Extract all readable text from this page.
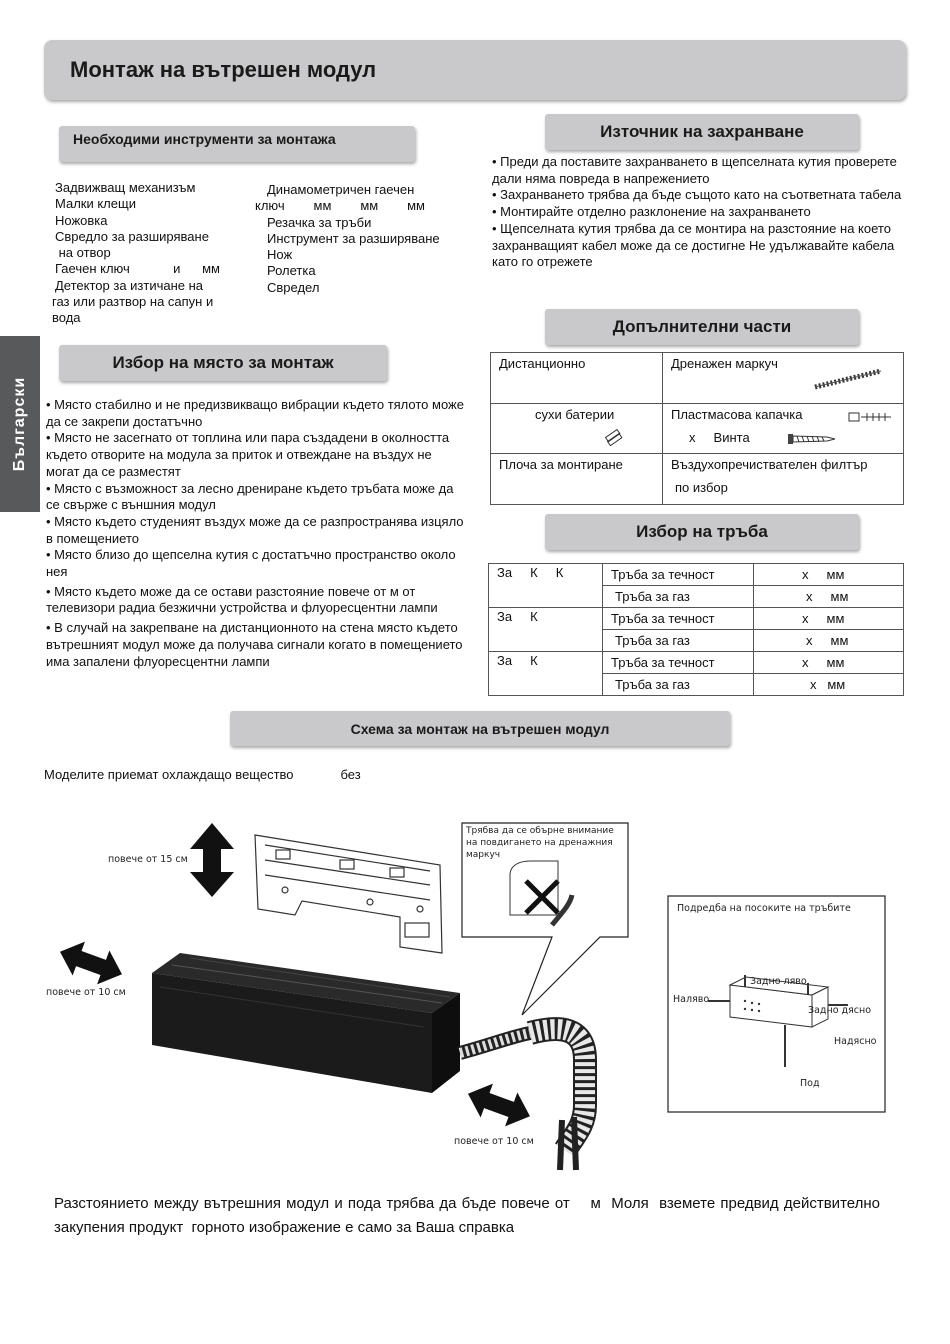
Монтаж на вътрешен модул
Български
Необходими инструменти за монтажа
Задвижващ механизъм
Малки клещи
Ножовка
Свредло за разширяване
на отвор
Гаечен ключ            и      мм
Детектор за изтичане на
газ или разтвор на сапун и
вода
Динамометричен гаечен
ключ        мм        мм        мм
Резачка за тръби
Инструмент за разширяване
Нож
Ролетка
Свредел
Източник на захранване
• Преди да поставите захранването в щепселната кутия проверете дали няма повреда в напрежението
• Захранването трябва да бъде същото като на съответната табела
• Монтирайте отделно разклонение на захранването
• Щепселната кутия трябва да се монтира на разстояние на което захранващият кабел може да се достигне Не удължавайте кабела като го отрежете
Избор на място за монтаж
• Място стабилно и не предизвикващо вибрации където тялото може да се закрепи достатъчно
• Място не засегнато от топлина или пара създадени в околността където отворите на модула за приток и отвеждане на въздух не могат да се разместят
• Място с възможност за лесно дрениране където тръбата може да се свърже с външния модул
• Място където студеният въздух може да се разпространява изцяло в помещението
• Място близо до щепселна кутия с достатъчно пространство около нея
• Място където може да се остави разстояние повече от м от телевизори радиа безжични устройства и флуоресцентни лампи
• В случай на закрепване на дистанционното на стена място където вътрешният модул може да получава сигнали когато в помещението има запалени флуоресцентни лампи
Допълнителни части
Дистанционно	Дренажен маркуч

сухи батерии	Пластмасова капачка
х     Винта

Плоча за монтиране	Въздухопречиствателен филтър
по избор
Избор на тръба
За     К     К	Тръба за течност	х     мм
	Тръба за газ	х     мм
За     К	Тръба за течност	х     мм
	Тръба за газ	х     мм
За     К	Тръба за течност	х     мм
	Тръба за газ	х   мм
Схема за монтаж на вътрешен модул
Моделите приемат охлаждащо вещество             без
повече от 15 см
повече от 10 см
повече от 10 см
Трябва да се обърне внимание
на повдигането на дренажния
маркуч
Подредба на посоките на тръбите
Задно ляво
Наляво
Задно дясно
Надясно
Под
Разстоянието между вътрешния модул и пода трябва да бъде повече от    м  Моля  вземете предвид действително закупения продукт  горното изображение е само за Ваша справка
